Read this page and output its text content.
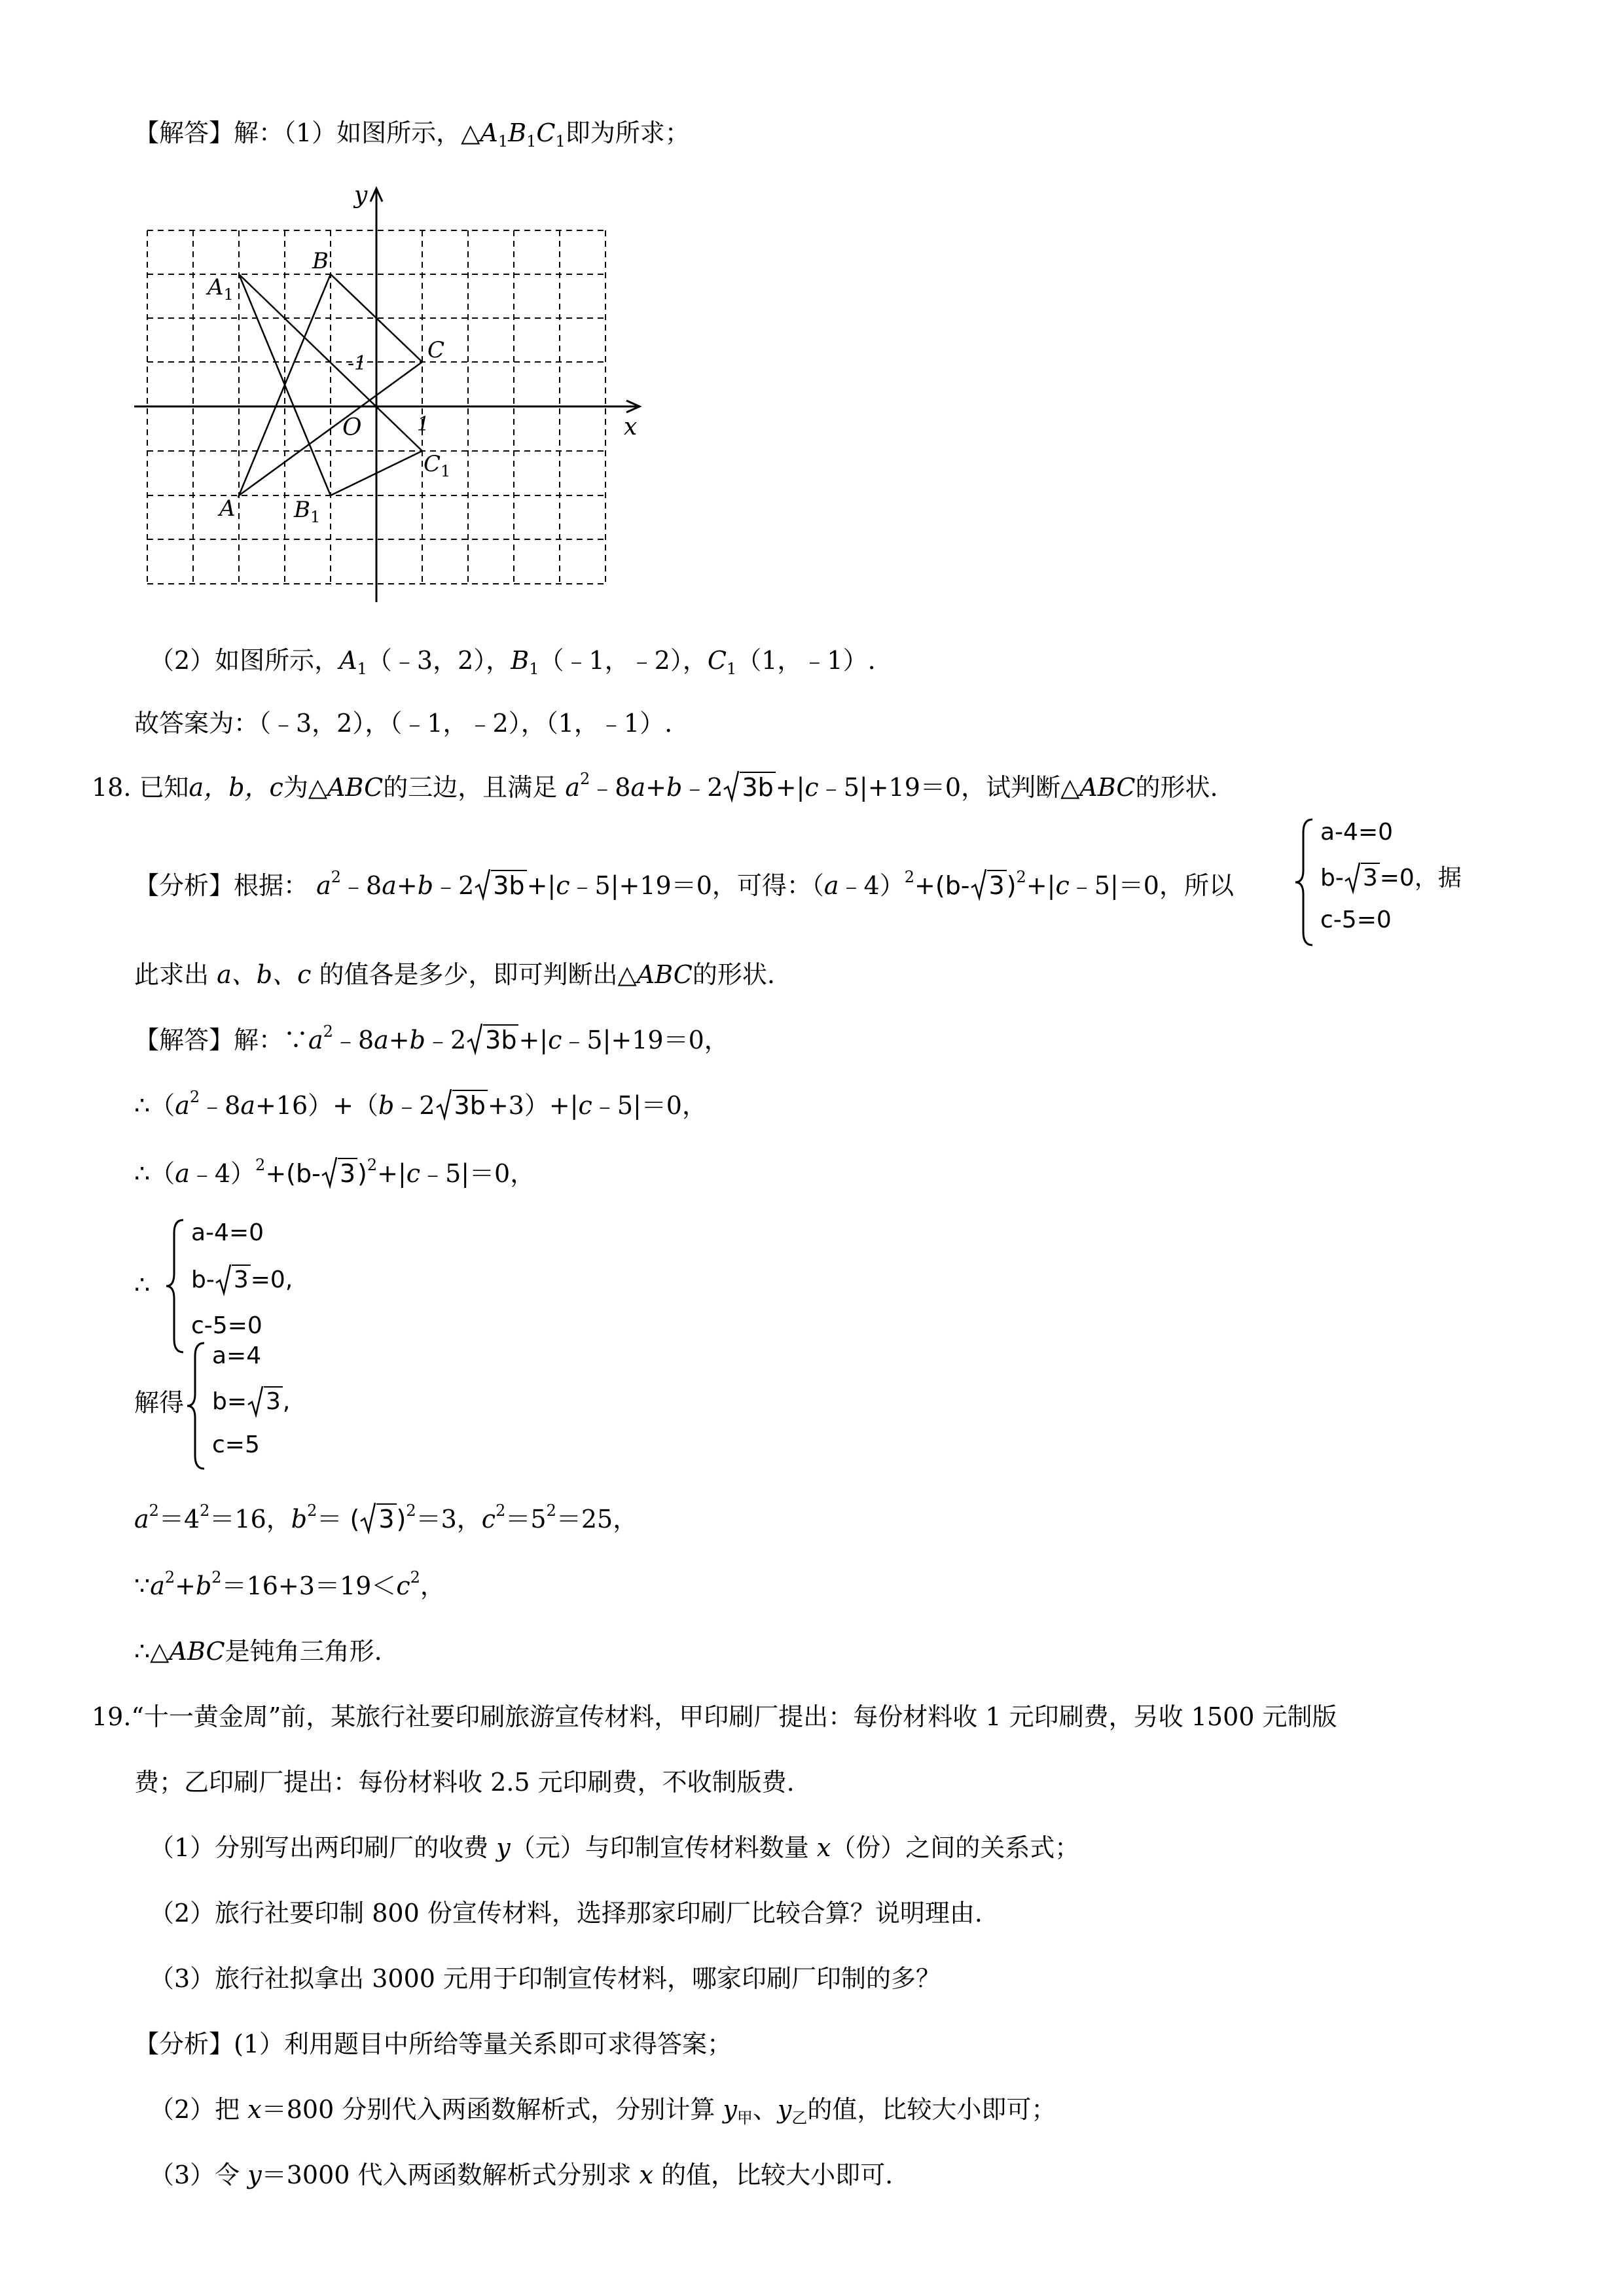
【解答】解：（1）如图所示，$\triangle A_1B_1C_1$即为所求；
y
x
O	1
-1
$A_1$
B
C
A	$B_1$
$C_1$
（2）如图所示，$A_1(﹣3$，2），$B_1(﹣1$，﹣2），$C_1(1$，﹣1）.
故答案为：（﹣3，2），（﹣1，﹣2），（1，﹣1）.
18. 已知a，b，c为△ABC的三边，且满足 $a^2﹣8a+b﹣2$ 3b+|c﹣5|+19＝0，试判断△ABC的形状.
【分析】根据： $a^2﹣8a+b﹣2$ 3b+|c﹣5|+19＝0，可得：（a﹣4）$^2$+(b- 3)$^2$+|c﹣5|＝0，所以
a-4=0
b- 3=0，据
c-5=0
此求出 a、b、c 的值各是多少，即可判断出△ABC的形状.
【解答】解：$\because a^2﹣8a+b﹣2$ 3b+|c﹣5|+19＝0，
$\therefore(a^2﹣8a+16)+(b﹣2$ 3b+3）+|c﹣5|＝0，
∴（a﹣4）$^2$+(b- 3)$^2$+|c﹣5|＝0，
∴
a-4=0
b- 3=0,
c-5=0
解得
a=4
b= 3,
c=5
$a^2=4^2=16$，$b^2=$ ( 3)$^2$＝3，$c^2=5^2=25$，
$\because a^2+b^2=16+3=19<c^2$，
∴△ABC是钝角三角形.
19.“十一黄金周”前，某旅行社要印刷旅游宣传材料，甲印刷厂提出：每份材料收 1 元印刷费，另收 1500 元制版
费；乙印刷厂提出：每份材料收 2.5 元印刷费，不收制版费.
（1）分别写出两印刷厂的收费 y（元）与印制宣传材料数量 x（份）之间的关系式；
（2）旅行社要印制 800 份宣传材料，选择那家印刷厂比较合算？说明理由.
（3）旅行社拟拿出 3000 元用于印制宣传材料，哪家印刷厂印制的多？
【分析】(1）利用题目中所给等量关系即可求得答案；
（2）把 x＝800 分别代入两函数解析式，分别计算 $y_甲$、$y_乙$的值，比较大小即可；
（3）令 y＝3000 代入两函数解析式分别求 x 的值，比较大小即可.
